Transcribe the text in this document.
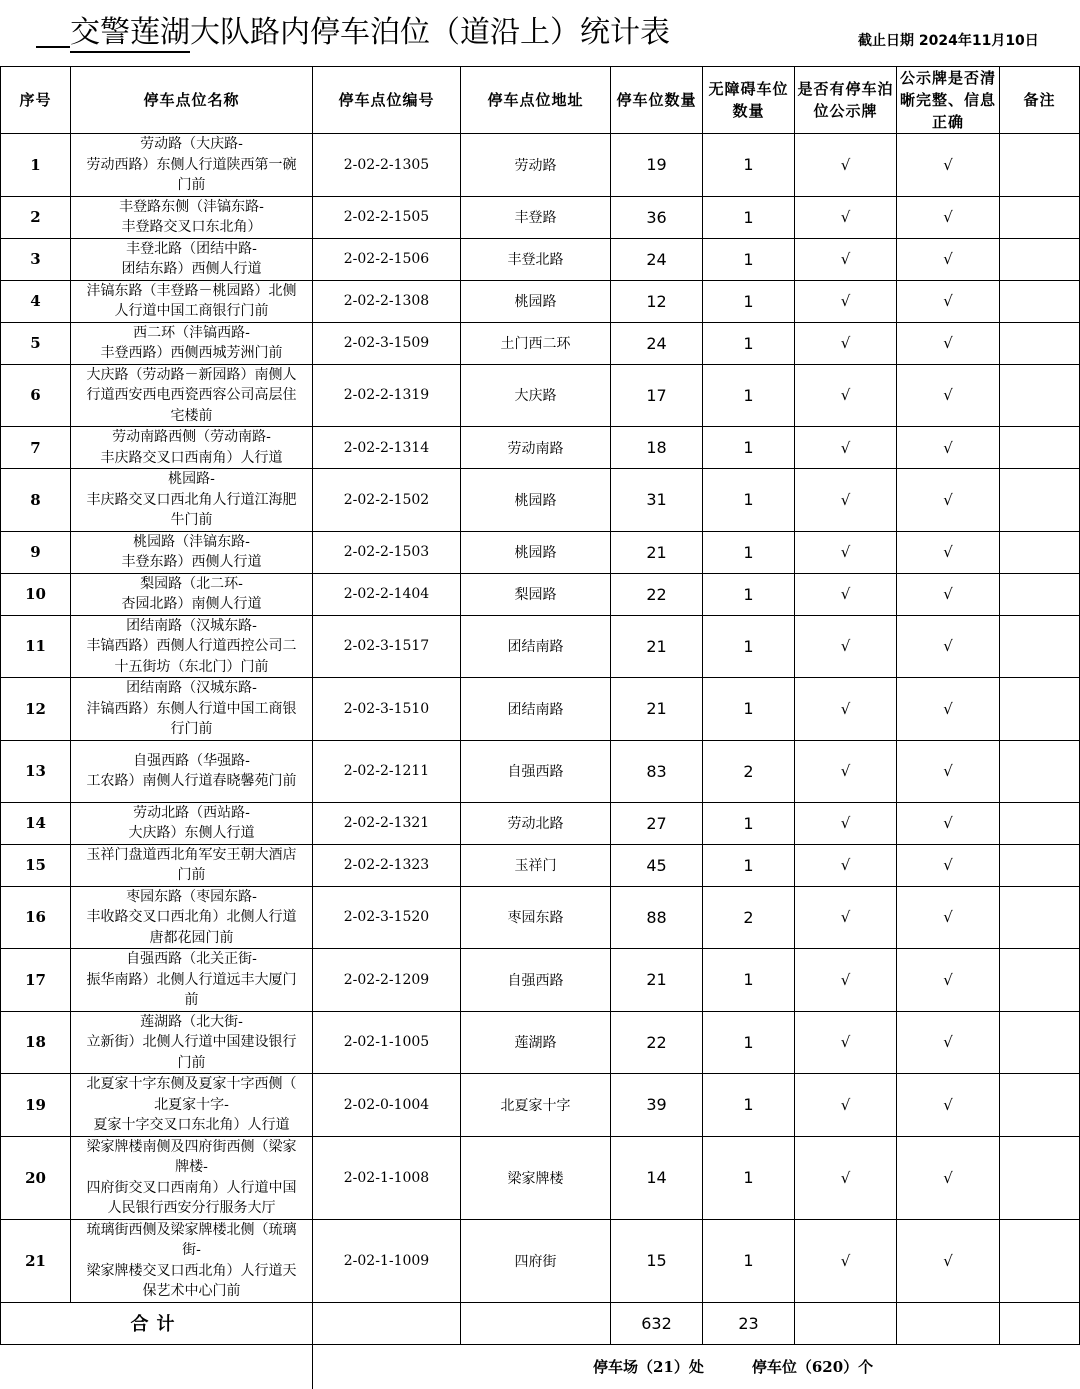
交警莲湖大队路内停车泊位（道沿上）统计表	截止日期 2024年11月10日
序号	停车点位名称	停车点位编号	停车点位地址	停车位数量	无障碍车位数量	是否有停车泊位公示牌	公示牌是否清晰完整、信息正确	备注
1	劳动路（大庆路-
劳动西路）东侧人行道陕西第一碗
门前	2-02-2-1305	劳动路	19	1	√	√	
2	丰登路东侧（沣镐东路-
丰登路交叉口东北角）	2-02-2-1505	丰登路	36	1	√	√	
3	丰登北路（团结中路-
团结东路）西侧人行道	2-02-2-1506	丰登北路	24	1	√	√	
4	沣镐东路（丰登路－桃园路）北侧
人行道中国工商银行门前	2-02-2-1308	桃园路	12	1	√	√	
5	西二环（沣镐西路-
丰登西路）西侧西城芳洲门前	2-02-3-1509	土门西二环	24	1	√	√	
6	大庆路（劳动路－新园路）南侧人
行道西安西电西瓷西容公司高层住
宅楼前	2-02-2-1319	大庆路	17	1	√	√	
7	劳动南路西侧（劳动南路-
丰庆路交叉口西南角）人行道	2-02-2-1314	劳动南路	18	1	√	√	
8	桃园路-
丰庆路交叉口西北角人行道江海肥
牛门前	2-02-2-1502	桃园路	31	1	√	√	
9	桃园路（沣镐东路-
丰登东路）西侧人行道	2-02-2-1503	桃园路	21	1	√	√	
10	梨园路（北二环-
杏园北路）南侧人行道	2-02-2-1404	梨园路	22	1	√	√	
11	团结南路（汉城东路-
丰镐西路）西侧人行道西控公司二
十五街坊（东北门）门前	2-02-3-1517	团结南路	21	1	√	√	
12	团结南路（汉城东路-
沣镐西路）东侧人行道中国工商银
行门前	2-02-3-1510	团结南路	21	1	√	√	
13	自强西路（华强路-
工农路）南侧人行道春晓馨苑门前	2-02-2-1211	自强西路	83	2	√	√	
14	劳动北路（西站路-
大庆路）东侧人行道	2-02-2-1321	劳动北路	27	1	√	√	
15	玉祥门盘道西北角军安王朝大酒店
门前	2-02-2-1323	玉祥门	45	1	√	√	
16	枣园东路（枣园东路-
丰收路交叉口西北角）北侧人行道
唐都花园门前	2-02-3-1520	枣园东路	88	2	√	√	
17	自强西路（北关正街-
振华南路）北侧人行道远丰大厦门
前	2-02-2-1209	自强西路	21	1	√	√	
18	莲湖路（北大街-
立新街）北侧人行道中国建设银行
门前	2-02-1-1005	莲湖路	22	1	√	√	
19	北夏家十字东侧及夏家十字西侧（
北夏家十字-
夏家十字交叉口东北角）人行道	2-02-0-1004	北夏家十字	39	1	√	√	
20	梁家牌楼南侧及四府街西侧（梁家
牌楼-
四府街交叉口西南角）人行道中国
人民银行西安分行服务大厅	2-02-1-1008	梁家牌楼	14	1	√	√	
21	琉璃街西侧及梁家牌楼北侧（琉璃
街-
梁家牌楼交叉口西北角）人行道天
保艺术中心门前	2-02-1-1009	四府街	15	1	√	√	
合计				632	23			
		停车场（21）处 停车位（620）个						
